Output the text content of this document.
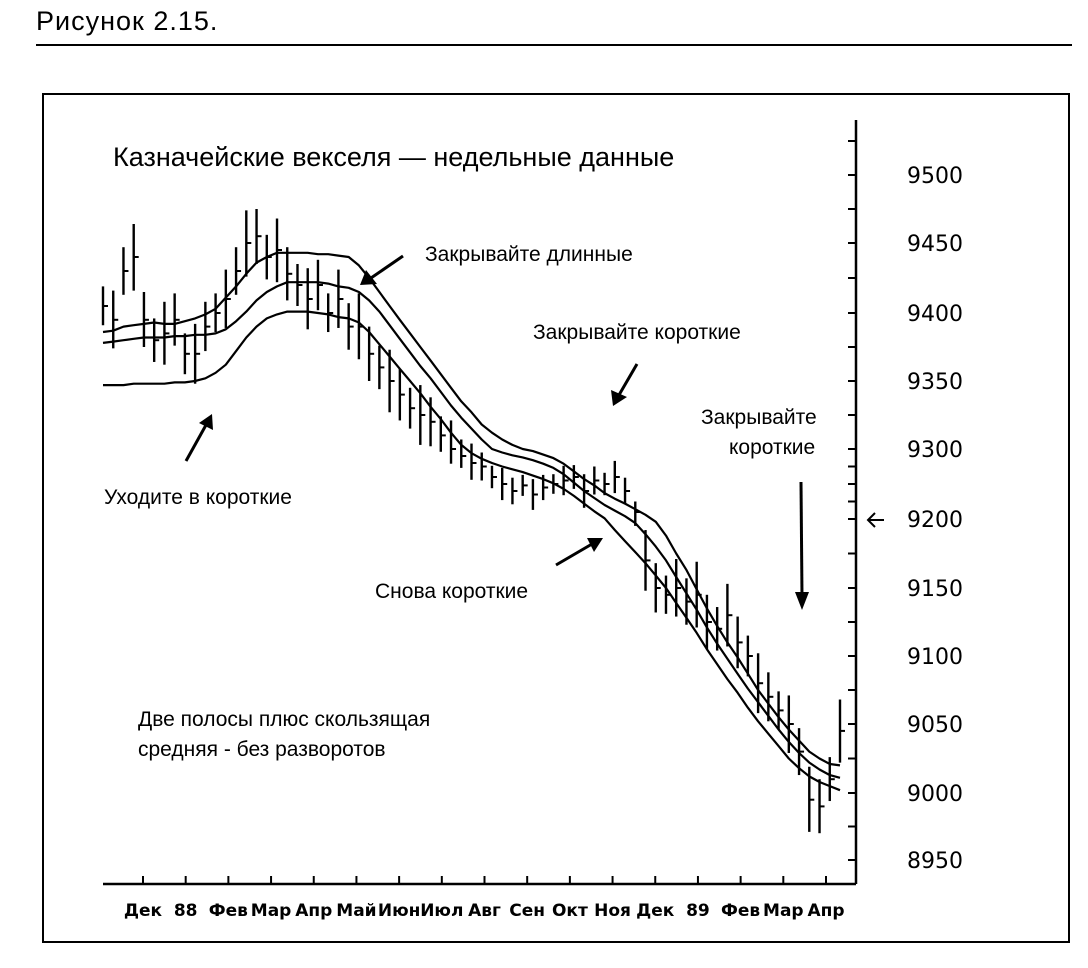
Рисунок 2.15.
Казначейские векселя — недельные данные
9500
9450
9400
9350
9300
9200
9150
9100
9050
9000
8950
Дек 88 Фев Мар Апр Май Июн Июл Авг Сен Окт Ноя Дек 89 Фев Мар Апр
Закрывайте длинные
Закрывайте короткие
Закрывайте
короткие
Уходите в короткие
Снова короткие
Две полосы плюс скользящая
средняя - без разворотов
